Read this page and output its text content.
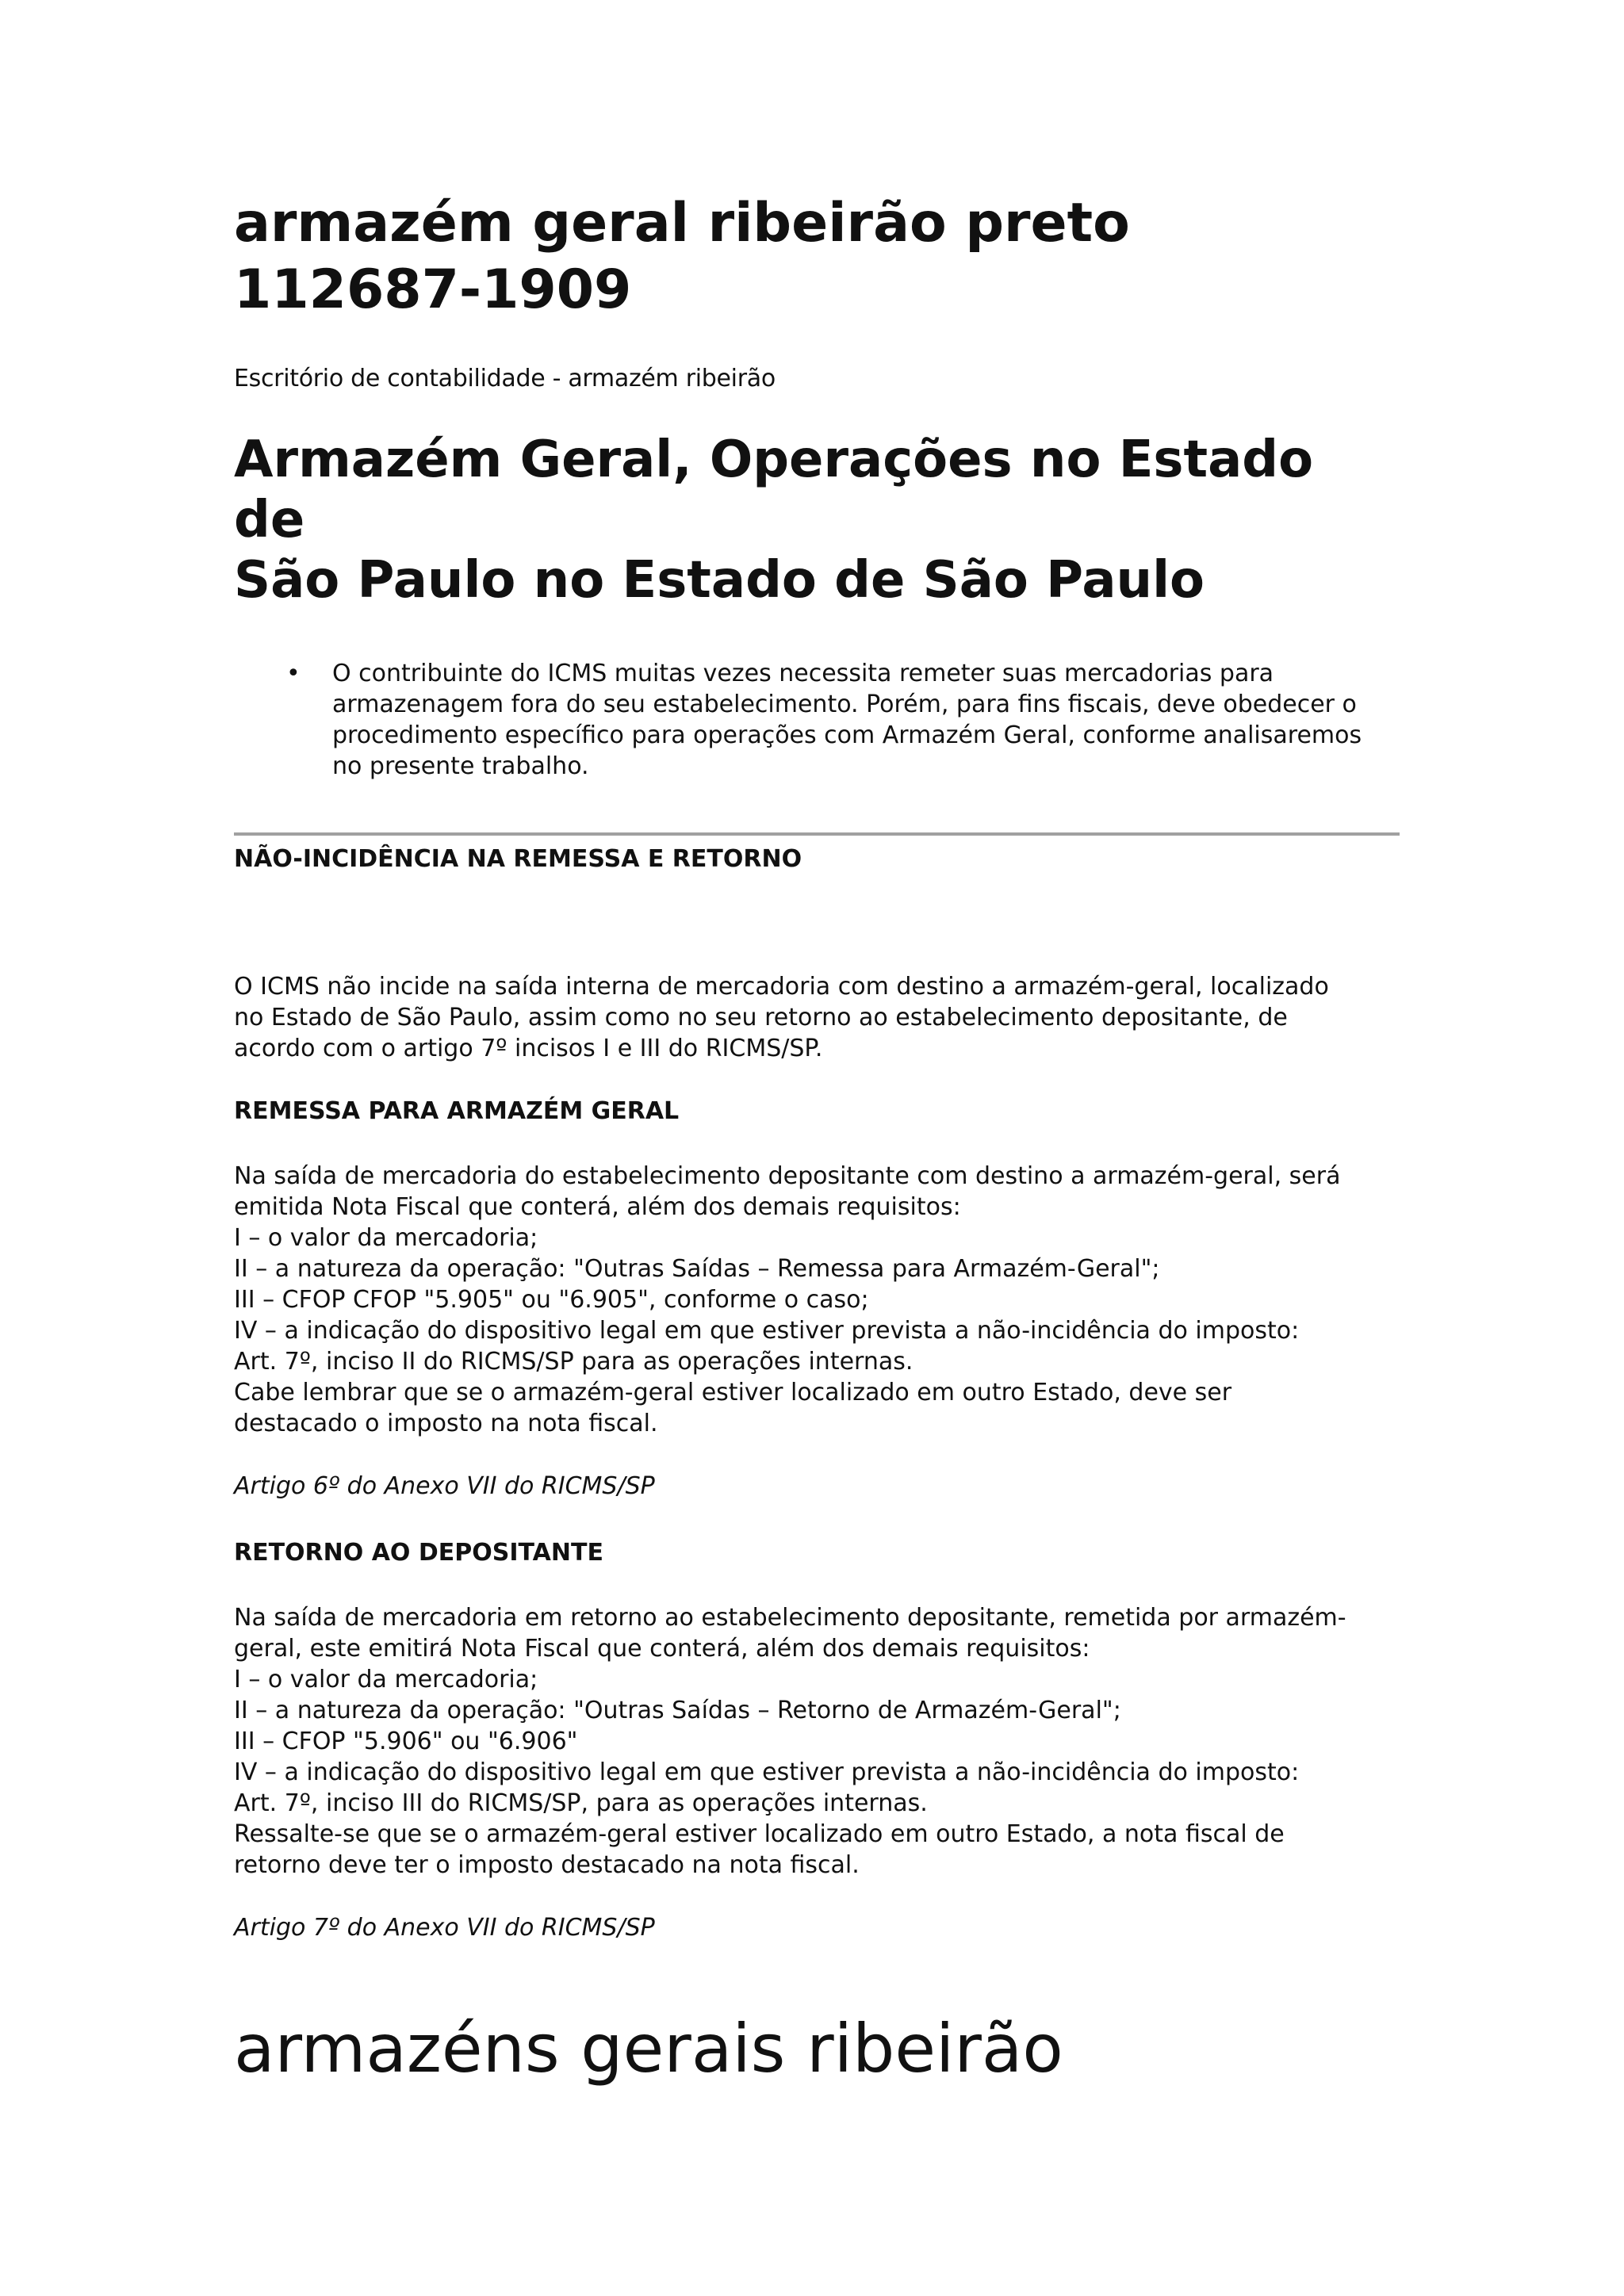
armazém geral ribeirão preto
112687-1909

Escritório de contabilidade - armazém ribeirão

Armazém Geral, Operações no Estado de
São Paulo no Estado de São Paulo
• O contribuinte do ICMS muitas vezes necessita remeter suas mercadorias para
armazenagem fora do seu estabelecimento. Porém, para fins fiscais, deve obedecer o
procedimento específico para operações com Armazém Geral, conforme analisaremos
no presente trabalho.

NÃO-INCIDÊNCIA NA REMESSA E RETORNO

O ICMS não incide na saída interna de mercadoria com destino a armazém-geral, localizado
no Estado de São Paulo, assim como no seu retorno ao estabelecimento depositante, de
acordo com o artigo 7º incisos I e III do RICMS/SP.

REMESSA PARA ARMAZÉM GERAL

Na saída de mercadoria do estabelecimento depositante com destino a armazém-geral, será
emitida Nota Fiscal que conterá, além dos demais requisitos:
I – o valor da mercadoria;
II – a natureza da operação: "Outras Saídas – Remessa para Armazém-Geral";
III – CFOP CFOP "5.905" ou "6.905", conforme o caso;
IV – a indicação do dispositivo legal em que estiver prevista a não-incidência do imposto:
Art. 7º, inciso II do RICMS/SP para as operações internas.
Cabe lembrar que se o armazém-geral estiver localizado em outro Estado, deve ser
destacado o imposto na nota fiscal.

Artigo 6º do Anexo VII do RICMS/SP

RETORNO AO DEPOSITANTE

Na saída de mercadoria em retorno ao estabelecimento depositante, remetida por armazém-
geral, este emitirá Nota Fiscal que conterá, além dos demais requisitos:
I – o valor da mercadoria;
II – a natureza da operação: "Outras Saídas – Retorno de Armazém-Geral";
III – CFOP "5.906" ou "6.906"
IV – a indicação do dispositivo legal em que estiver prevista a não-incidência do imposto:
Art. 7º, inciso III do RICMS/SP, para as operações internas.
Ressalte-se que se o armazém-geral estiver localizado em outro Estado, a nota fiscal de
retorno deve ter o imposto destacado na nota fiscal.

Artigo 7º do Anexo VII do RICMS/SP

armazéns gerais ribeirão
